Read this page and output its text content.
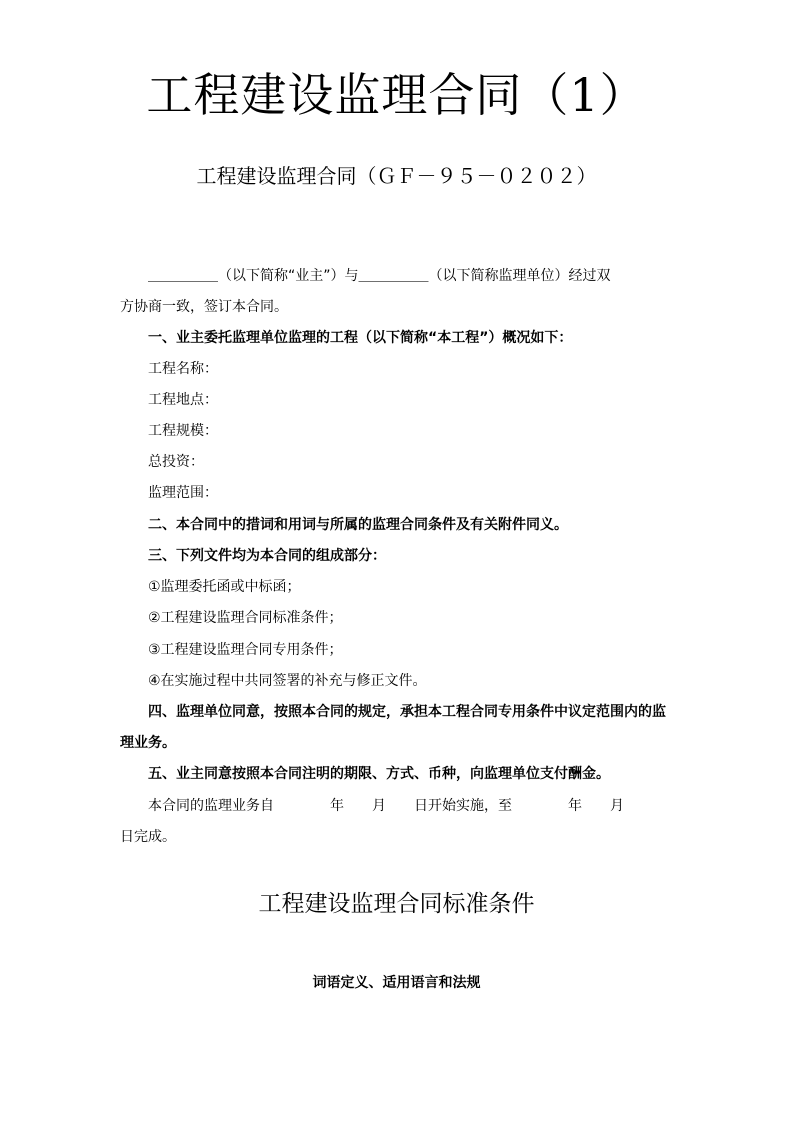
工程建设监理合同（1）
工程建设监理合同（ＧＦ－９５－０２０２）
＿＿＿＿＿（以下简称“业主”）与＿＿＿＿＿（以下简称监理单位）经过双
方协商一致，签订本合同。
一、业主委托监理单位监理的工程（以下简称“本工程”）概况如下：
工程名称：
工程地点：
工程规模：
总投资：
监理范围：
二、本合同中的措词和用词与所属的监理合同条件及有关附件同义。
三、下列文件均为本合同的组成部分：
①监理委托函或中标函；
②工程建设监理合同标准条件；
③工程建设监理合同专用条件；
④在实施过程中共同签署的补充与修正文件。
四、监理单位同意，按照本合同的规定，承担本工程合同专用条件中议定范围内的监
理业务。
五、业主同意按照本合同注明的期限、方式、币种，向监理单位支付酬金。
本合同的监理业务自　　　　年　　月　　日开始实施，至　　　　年　　月
日完成。
工程建设监理合同标准条件
词语定义、适用语言和法规
